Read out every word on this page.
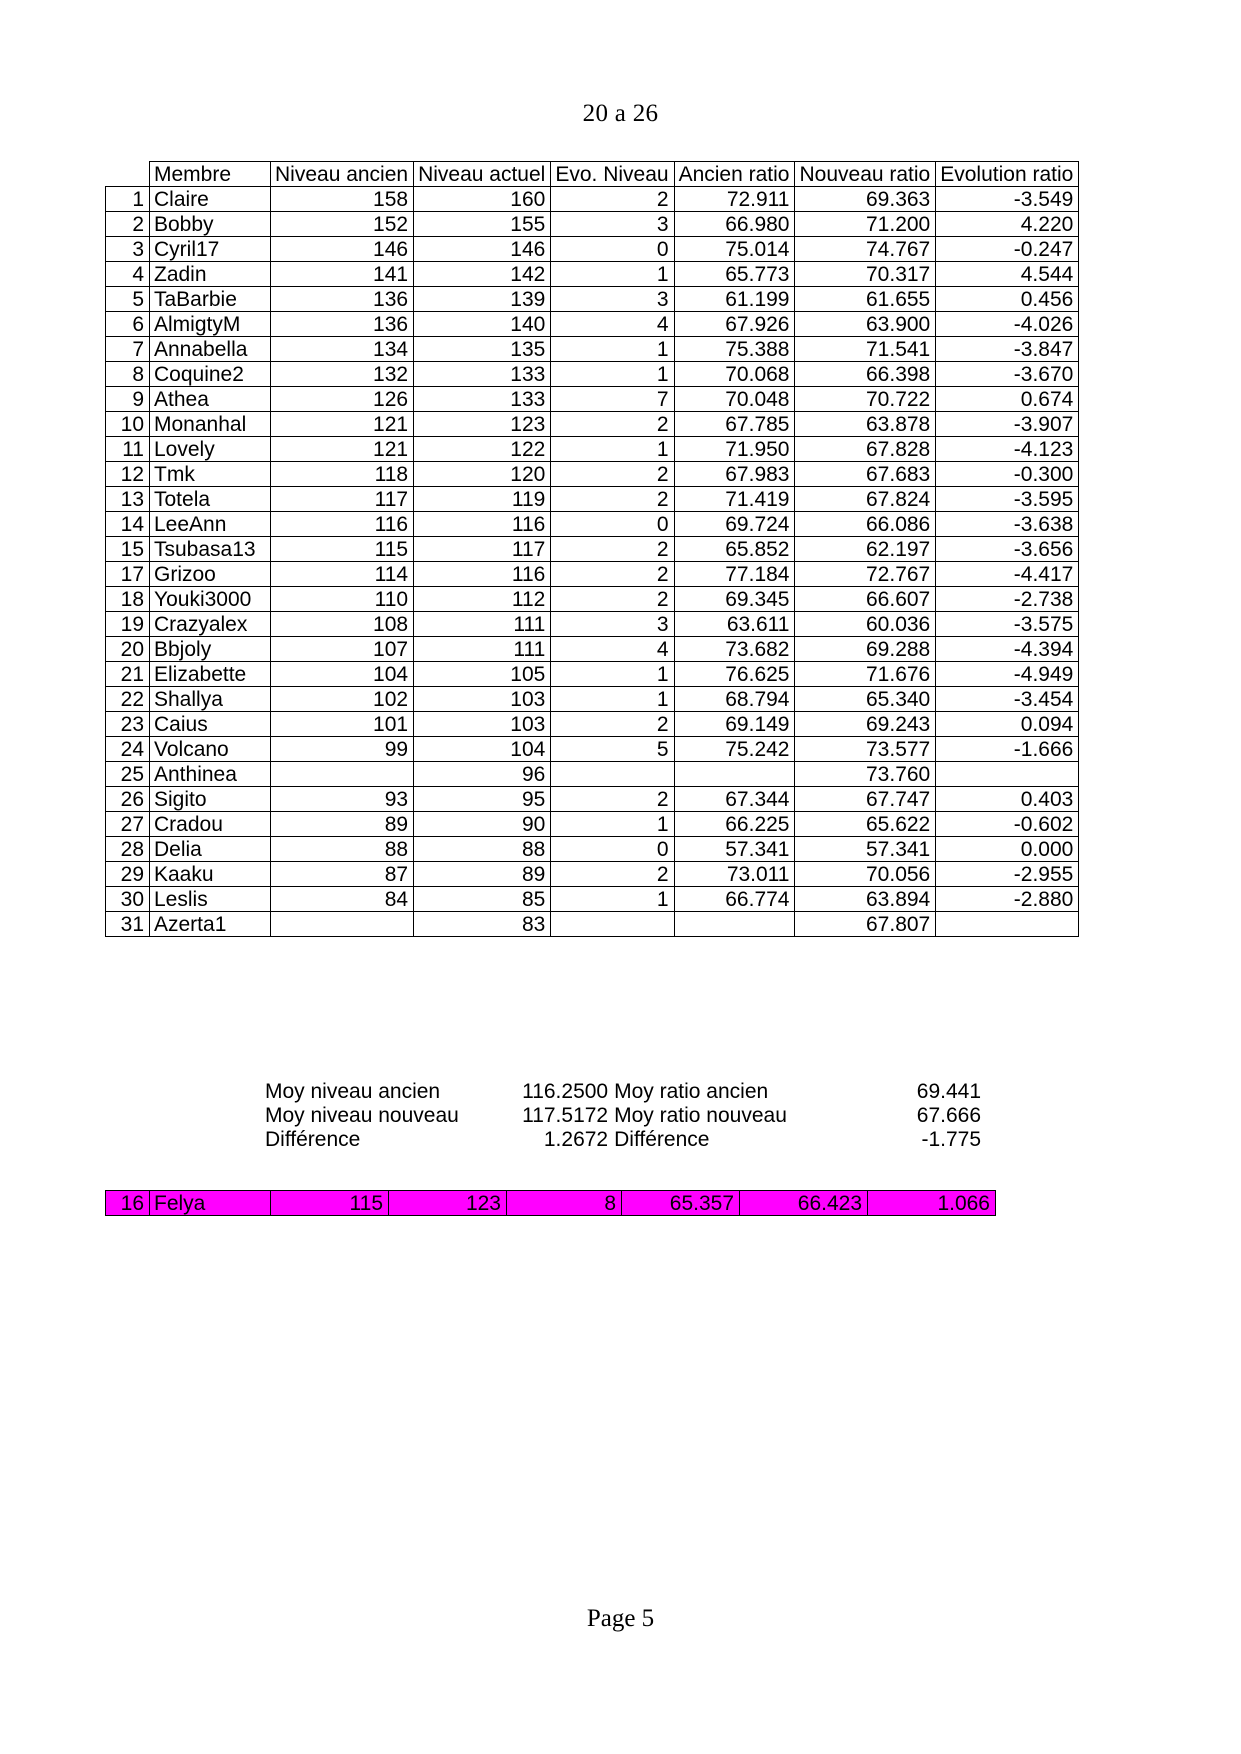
20 a 26
	Membre	Niveau ancien	Niveau actuel	Evo. Niveau	Ancien ratio	Nouveau ratio	Evolution ratio
1	Claire	158	160	2	72.911	69.363	-3.549
2	Bobby	152	155	3	66.980	71.200	4.220
3	Cyril17	146	146	0	75.014	74.767	-0.247
4	Zadin	141	142	1	65.773	70.317	4.544
5	TaBarbie	136	139	3	61.199	61.655	0.456
6	AlmigtyM	136	140	4	67.926	63.900	-4.026
7	Annabella	134	135	1	75.388	71.541	-3.847
8	Coquine2	132	133	1	70.068	66.398	-3.670
9	Athea	126	133	7	70.048	70.722	0.674
10	Monanhal	121	123	2	67.785	63.878	-3.907
11	Lovely	121	122	1	71.950	67.828	-4.123
12	Tmk	118	120	2	67.983	67.683	-0.300
13	Totela	117	119	2	71.419	67.824	-3.595
14	LeeAnn	116	116	0	69.724	66.086	-3.638
15	Tsubasa13	115	117	2	65.852	62.197	-3.656
17	Grizoo	114	116	2	77.184	72.767	-4.417
18	Youki3000	110	112	2	69.345	66.607	-2.738
19	Crazyalex	108	111	3	63.611	60.036	-3.575
20	Bbjoly	107	111	4	73.682	69.288	-4.394
21	Elizabette	104	105	1	76.625	71.676	-4.949
22	Shallya	102	103	1	68.794	65.340	-3.454
23	Caius	101	103	2	69.149	69.243	0.094
24	Volcano	99	104	5	75.242	73.577	-1.666
25	Anthinea		96			73.760	
26	Sigito	93	95	2	67.344	67.747	0.403
27	Cradou	89	90	1	66.225	65.622	-0.602
28	Delia	88	88	0	57.341	57.341	0.000
29	Kaaku	87	89	2	73.011	70.056	-2.955
30	Leslis	84	85	1	66.774	63.894	-2.880
31	Azerta1		83			67.807	
Moy niveau ancien	116.2500 Moy ratio ancien	69.441
Moy niveau nouveau	117.5172 Moy ratio nouveau	67.666
Différence	1.2672 Différence	-1.775
16	Felya	115	123	8	65.357	66.423	1.066
Page 5
